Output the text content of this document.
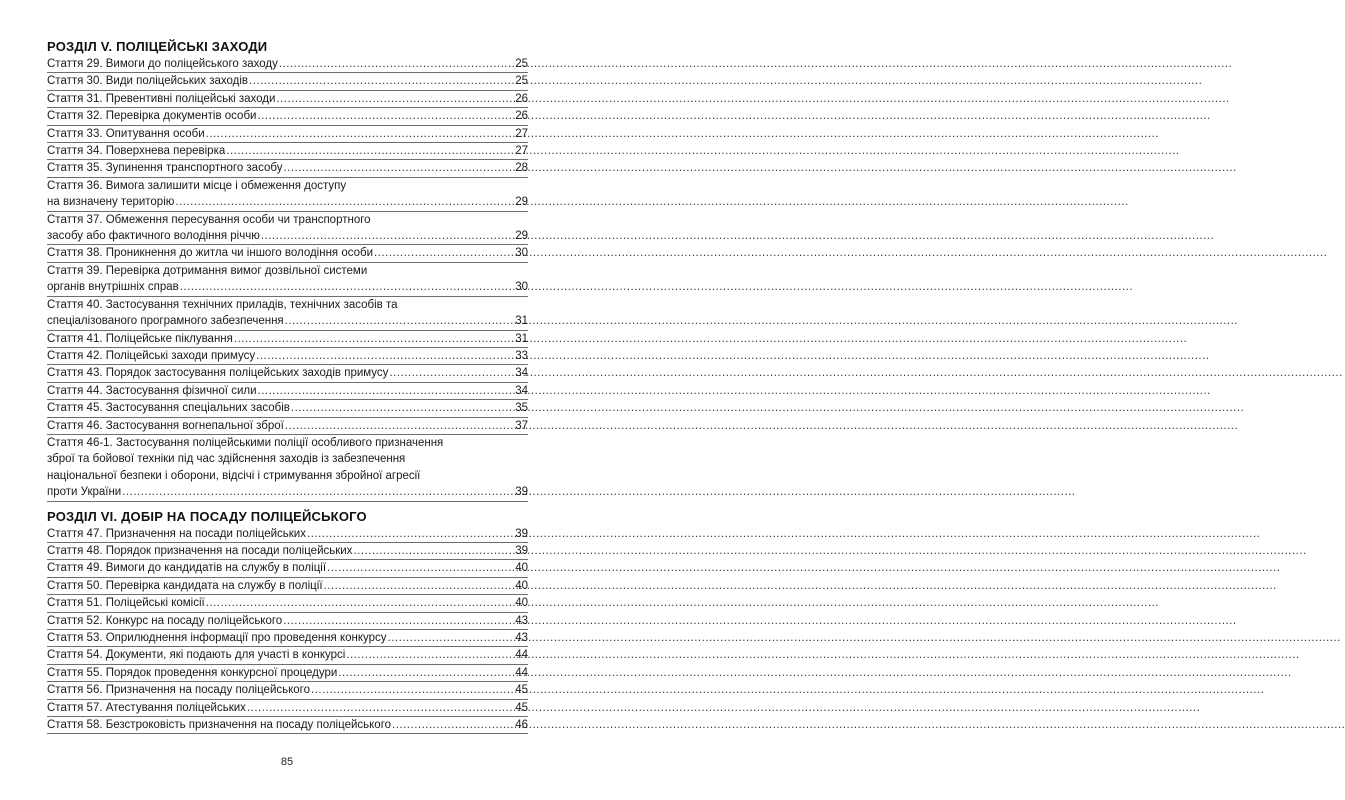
РОЗДІЛ V. ПОЛІЦЕЙСЬКІ ЗАХОДИ
Стаття 29. Вимоги до поліцейського заходу .....	25
Стаття 30. Види поліцейських заходів .....	25
Стаття 31. Превентивні поліцейські заходи .....	26
Стаття 32. Перевірка документів особи .....	26
Стаття 33. Опитування особи .....	27
Стаття 34. Поверхнева перевірка .....	27
Стаття 35. Зупинення транспортного засобу .....	28
Стаття 36. Вимога залишити місце і обмеження доступу
на визначену територію .....	29
Стаття 37. Обмеження пересування особи чи транспортного
засобу або фактичного володіння річчю .....	29
Стаття 38. Проникнення до житла чи іншого володіння особи .....	30
Стаття 39. Перевірка дотримання вимог дозвільної системи
органів внутрішніх справ .....	30
Стаття 40. Застосування технічних приладів, технічних засобів та
спеціалізованого програмного забезпечення .....	31
Стаття 41. Поліцейське піклування .....	31
Стаття 42. Поліцейські заходи примусу .....	33
Стаття 43. Порядок застосування поліцейських заходів примусу .....	34
Стаття 44. Застосування фізичної сили .....	34
Стаття 45. Застосування спеціальних засобів .....	35
Стаття 46. Застосування вогнепальної зброї .....	37
Стаття 46-1. Застосування поліцейськими поліції особливого призначення
зброї та бойової техніки під час здійснення заходів із забезпечення
національної безпеки і оборони, відсічі і стримування збройної агресії
проти України .....	39
РОЗДІЛ VI. ДОБІР НА ПОСАДУ ПОЛІЦЕЙСЬКОГО
Стаття 47. Призначення на посади поліцейських .....	39
Стаття 48. Порядок призначення на посади поліцейських .....	39
Стаття 49. Вимоги до кандидатів на службу в поліції .....	40
Стаття 50. Перевірка кандидата на службу в поліції .....	40
Стаття 51. Поліцейські комісії .....	40
Стаття 52. Конкурс на посаду поліцейського .....	43
Стаття 53. Оприлюднення інформації про проведення конкурсу .....	43
Стаття 54. Документи, які подають для участі в конкурсі .....	44
Стаття 55. Порядок проведення конкурсної процедури .....	44
Стаття 56. Призначення на посаду поліцейського .....	45
Стаття 57. Атестування поліцейських .....	45
Стаття 58. Безстроковість призначення на посаду поліцейського .....	46
85
